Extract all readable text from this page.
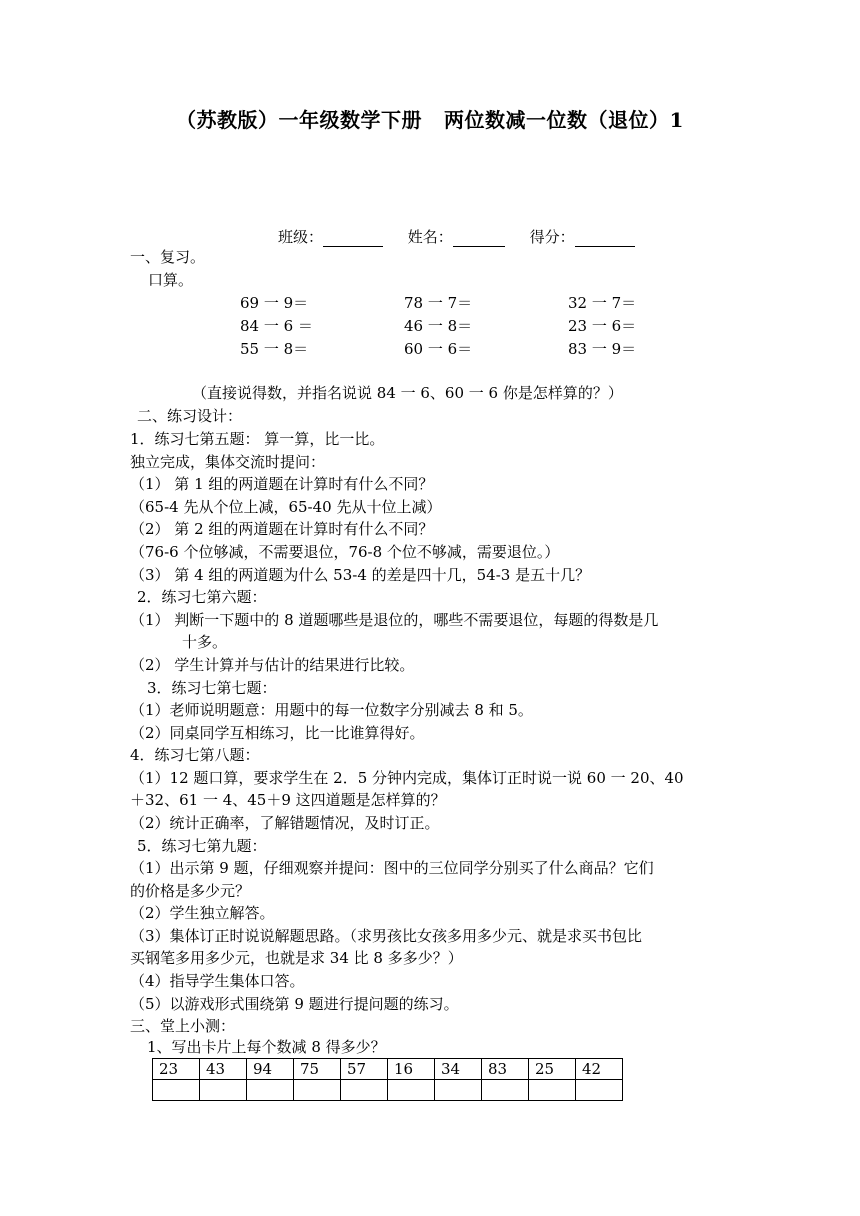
（苏教版）一年级数学下册 两位数减一位数（退位）1
班级：	姓名：	得分：
一、复习。
口算。
69 一 9＝	78 一 7＝	32 一 7＝
84 一 6 ＝	46 一 8＝	23 一 6＝
55 一 8＝	60 一 6＝	83 一 9＝
（直接说得数，并指名说说 84 一 6、60 一 6 你是怎样算的？）
二、练习设计：
1．练习七第五题： 算一算，比一比。
独立完成，集体交流时提问：
（1） 第 1 组的两道题在计算时有什么不同？
（65-4 先从个位上减，65-40 先从十位上减）
（2） 第 2 组的两道题在计算时有什么不同？
（76-6 个位够减，不需要退位，76-8 个位不够减，需要退位。）
（3） 第 4 组的两道题为什么 53-4 的差是四十几，54-3 是五十几？
2．练习七第六题：
（1） 判断一下题中的 8 道题哪些是退位的，哪些不需要退位，每题的得数是几
十多。
（2） 学生计算并与估计的结果进行比较。
3．练习七第七题：
（1）老师说明题意：用题中的每一位数字分别减去 8 和 5。
（2）同桌同学互相练习，比一比谁算得好。
4．练习七第八题：
（1）12 题口算，要求学生在 2．5 分钟内完成，集体订正时说一说 60 一 20、40
＋32、61 一 4、45＋9 这四道题是怎样算的？
（2）统计正确率，了解错题情况，及时订正。
5．练习七第九题：
（1）出示第 9 题，仔细观察并提问：图中的三位同学分别买了什么商品？它们
的价格是多少元？
（2）学生独立解答。
（3）集体订正时说说解题思路。（求男孩比女孩多用多少元、就是求买书包比
买钢笔多用多少元，也就是求 34 比 8 多多少？）
（4）指导学生集体口答。
（5）以游戏形式围绕第 9 题进行提问题的练习。
三、堂上小测：
1、写出卡片上每个数减 8 得多少？
23	43	94	75	57	16	34	83	25	42
